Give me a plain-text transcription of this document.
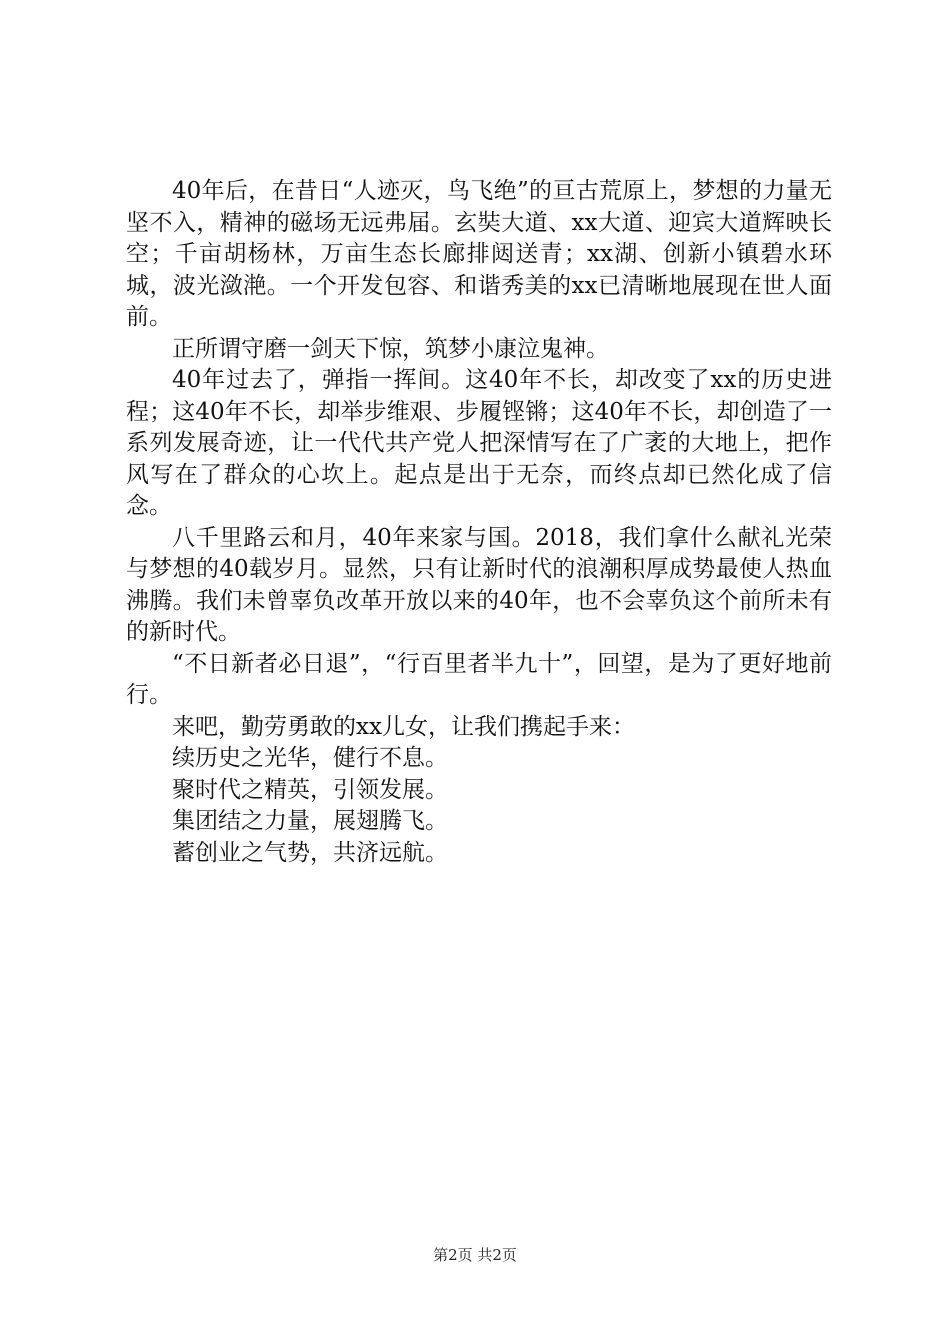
40年后，在昔日“人迹灭，鸟飞绝”的亘古荒原上，梦想的力量无坚不入，精神的磁场无远弗届。玄奘大道、xx大道、迎宾大道辉映长空；千亩胡杨林，万亩生态长廊排闼送青；xx湖、创新小镇碧水环城，波光潋滟。一个开发包容、和谐秀美的xx已清晰地展现在世人面前。

正所谓守磨一剑天下惊，筑梦小康泣鬼神。

40年过去了，弹指一挥间。这40年不长，却改变了xx的历史进程；这40年不长，却举步维艰、步履铿锵；这40年不长，却创造了一系列发展奇迹，让一代代共产党人把深情写在了广袤的大地上，把作风写在了群众的心坎上。起点是出于无奈，而终点却已然化成了信念。

八千里路云和月，40年来家与国。2018，我们拿什么献礼光荣与梦想的40载岁月。显然，只有让新时代的浪潮积厚成势最使人热血沸腾。我们未曾辜负改革开放以来的40年，也不会辜负这个前所未有的新时代。

“不日新者必日退”，“行百里者半九十”，回望，是为了更好地前行。

来吧，勤劳勇敢的xx儿女，让我们携起手来：

续历史之光华，健行不息。

聚时代之精英，引领发展。

集团结之力量，展翅腾飞。

蓄创业之气势，共济远航。

第2页 共2页
